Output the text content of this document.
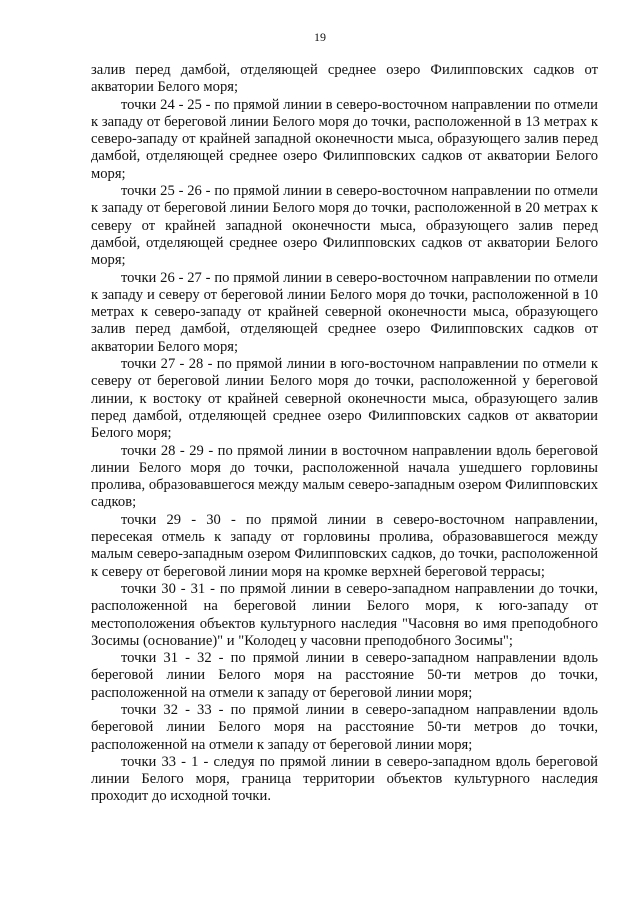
19

залив перед дамбой, отделяющей среднее озеро Филипповских садков от акватории Белого моря;

точки 24 - 25 - по прямой линии в северо-восточном направлении по отмели к западу от береговой линии Белого моря до точки, расположенной в 13 метрах к северо-западу от крайней западной оконечности мыса, образующего залив перед дамбой, отделяющей среднее озеро Филипповских садков от акватории Белого моря;

точки 25 - 26 - по прямой линии в северо-восточном направлении по отмели к западу от береговой линии Белого моря до точки, расположенной в 20 метрах к северу от крайней западной оконечности мыса, образующего залив перед дамбой, отделяющей среднее озеро Филипповских садков от акватории Белого моря;

точки 26 - 27 - по прямой линии в северо-восточном направлении по отмели к западу и северу от береговой линии Белого моря до точки, расположенной в 10 метрах к северо-западу от крайней северной оконечности мыса, образующего залив перед дамбой, отделяющей среднее озеро Филипповских садков от акватории Белого моря;

точки 27 - 28 - по прямой линии в юго-восточном направлении по отмели к северу от береговой линии Белого моря до точки, расположенной у береговой линии, к востоку от крайней северной оконечности мыса, образующего залив перед дамбой, отделяющей среднее озеро Филипповских садков от акватории Белого моря;

точки 28 - 29 - по прямой линии в восточном направлении вдоль береговой линии Белого моря до точки, расположенной начала ушедшего горловины пролива, образовавшегося между малым северо-западным озером Филипповских садков;

точки 29 - 30 - по прямой линии в северо-восточном направлении, пересекая отмель к западу от горловины пролива, образовавшегося между малым северо-западным озером Филипповских садков, до точки, расположенной к северу от береговой линии моря на кромке верхней береговой террасы;

точки 30 - 31 - по прямой линии в северо-западном направлении до точки, расположенной на береговой линии Белого моря, к юго-западу от местоположения объектов культурного наследия "Часовня во имя преподобного Зосимы (основание)" и "Колодец у часовни преподобного Зосимы";

точки 31 - 32 - по прямой линии в северо-западном направлении вдоль береговой линии Белого моря на расстояние 50-ти метров до точки, расположенной на отмели к западу от береговой линии моря;

точки 32 - 33 - по прямой линии в северо-западном направлении вдоль береговой линии Белого моря на расстояние 50-ти метров до точки, расположенной на отмели к западу от береговой линии моря;

точки 33 - 1 - следуя по прямой линии в северо-западном вдоль береговой линии Белого моря, граница территории объектов культурного наследия проходит до исходной точки.
